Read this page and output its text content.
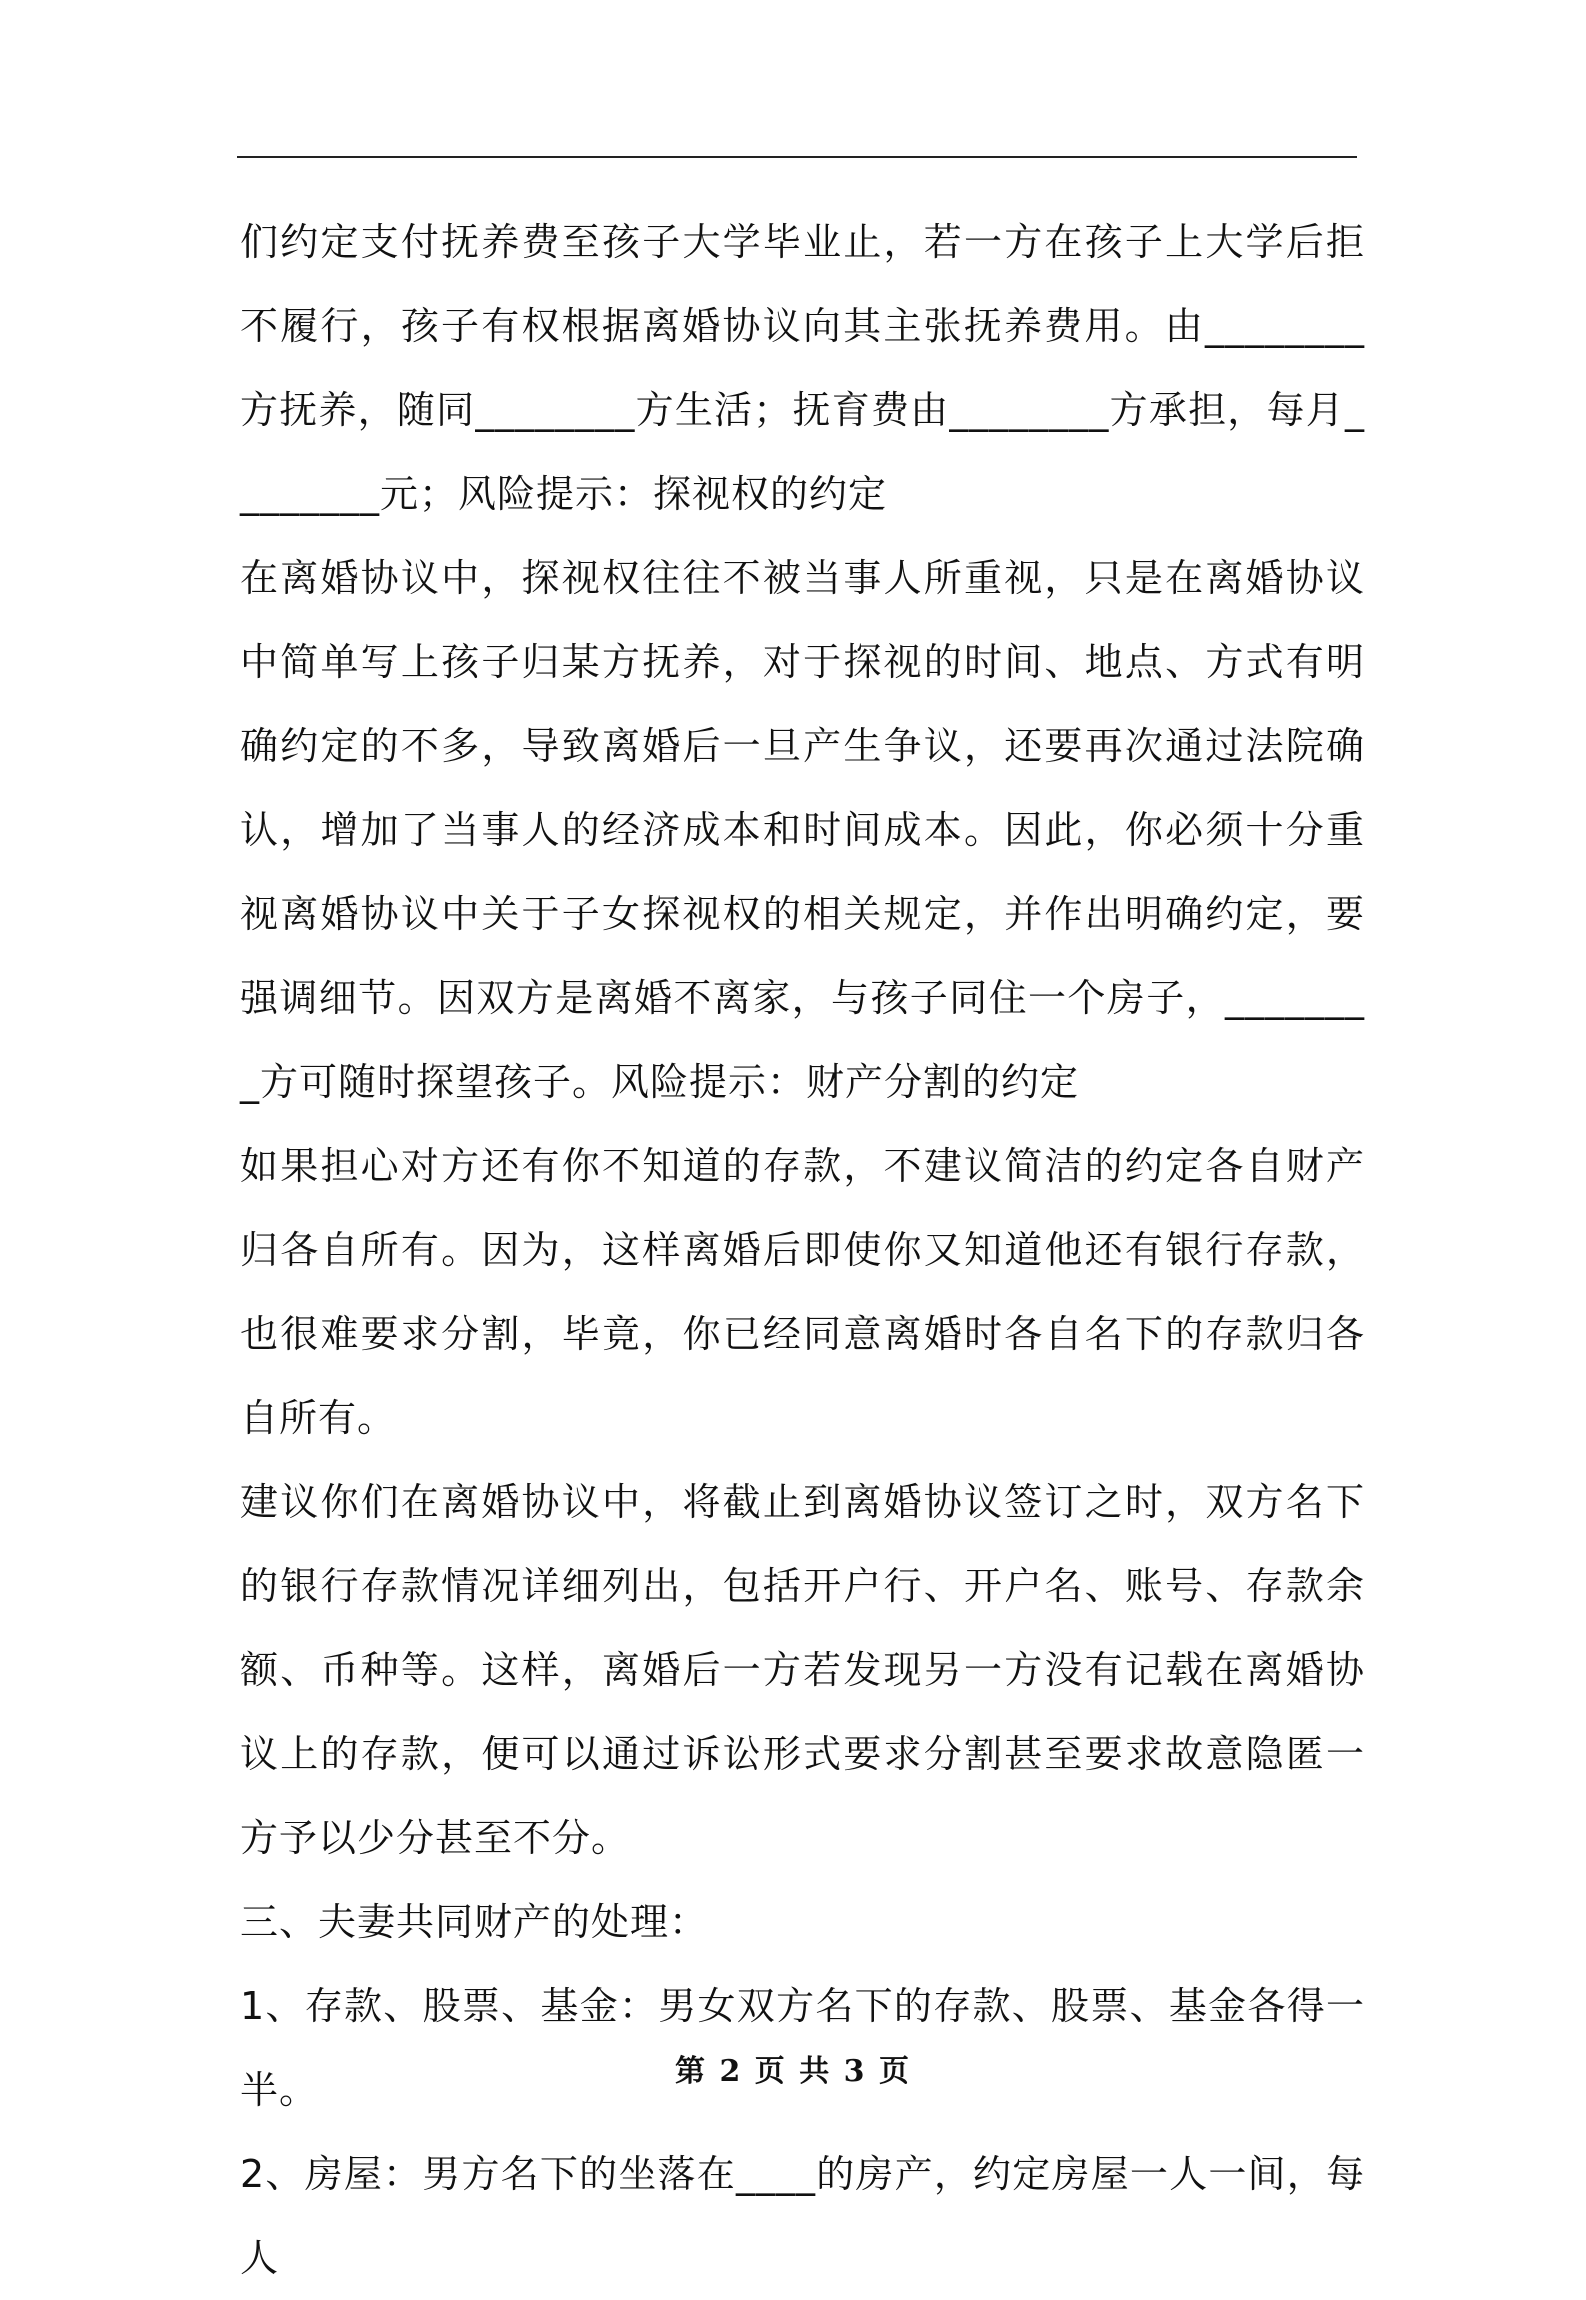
们约定支付抚养费至孩子大学毕业止，若一方在孩子上大学后拒不履行，孩子有权根据离婚协议向其主张抚养费用。由________方抚养，随同________方生活；抚育费由________方承担，每月________元；风险提示：探视权的约定

在离婚协议中，探视权往往不被当事人所重视，只是在离婚协议中简单写上孩子归某方抚养，对于探视的时间、地点、方式有明确约定的不多，导致离婚后一旦产生争议，还要再次通过法院确认，增加了当事人的经济成本和时间成本。因此，你必须十分重视离婚协议中关于子女探视权的相关规定，并作出明确约定，要强调细节。因双方是离婚不离家，与孩子同住一个房子，________方可随时探望孩子。风险提示：财产分割的约定

如果担心对方还有你不知道的存款，不建议简洁的约定各自财产归各自所有。因为，这样离婚后即使你又知道他还有银行存款，也很难要求分割，毕竟，你已经同意离婚时各自名下的存款归各自所有。

建议你们在离婚协议中，将截止到离婚协议签订之时，双方名下的银行存款情况详细列出，包括开户行、开户名、账号、存款余额、币种等。这样，离婚后一方若发现另一方没有记载在离婚协议上的存款，便可以通过诉讼形式要求分割甚至要求故意隐匿一方予以少分甚至不分。

三、夫妻共同财产的处理：

1、存款、股票、基金：男女双方名下的存款、股票、基金各得一半。

2、房屋：男方名下的坐落在____的房产，约定房屋一人一间，每人

第 2 页 共 3 页
